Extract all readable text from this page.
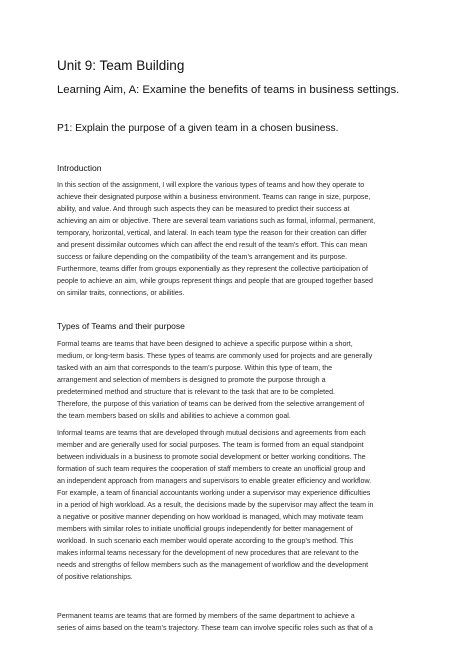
Unit 9: Team Building
Learning Aim, A: Examine the benefits of teams in business settings.
P1: Explain the purpose of a given team in a chosen business.
Introduction
In this section of the assignment, I will explore the various types of teams and how they operate to
achieve their designated purpose within a business environment. Teams can range in size, purpose,
ability, and value. And through such aspects they can be measured to predict their success at
achieving an aim or objective. There are several team variations such as formal, informal, permanent,
temporary, horizontal, vertical, and lateral. In each team type the reason for their creation can differ
and present dissimilar outcomes which can affect the end result of the team’s effort. This can mean
success or failure depending on the compatibility of the team’s arrangement and its purpose.
Furthermore, teams differ from groups exponentially as they represent the collective participation of
people to achieve an aim, while groups represent things and people that are grouped together based
on similar traits, connections, or abilities.
Types of Teams and their purpose
Formal teams are teams that have been designed to achieve a specific purpose within a short,
medium, or long-term basis. These types of teams are commonly used for projects and are generally
tasked with an aim that corresponds to the team’s purpose. Within this type of team, the
arrangement and selection of members is designed to promote the purpose through a
predetermined method and structure that is relevant to the task that are to be completed.
Therefore, the purpose of this variation of teams can be derived from the selective arrangement of
the team members based on skills and abilities to achieve a common goal.
Informal teams are teams that are developed through mutual decisions and agreements from each
member and are generally used for social purposes. The team is formed from an equal standpoint
between individuals in a business to promote social development or better working conditions. The
formation of such team requires the cooperation of staff members to create an unofficial group and
an independent approach from managers and supervisors to enable greater efficiency and workflow.
For example, a team of financial accountants working under a supervisor may experience difficulties
in a period of high workload. As a result, the decisions made by the supervisor may affect the team in
a negative or positive manner depending on how workload is managed, which may motivate team
members with similar roles to initiate unofficial groups independently for better management of
workload. In such scenario each member would operate according to the group’s method. This
makes informal teams necessary for the development of new procedures that are relevant to the
needs and strengths of fellow members such as the management of workflow and the development
of positive relationships.
Permanent teams are teams that are formed by members of the same department to achieve a
series of aims based on the team’s trajectory. These team can involve specific roles such as that of a
